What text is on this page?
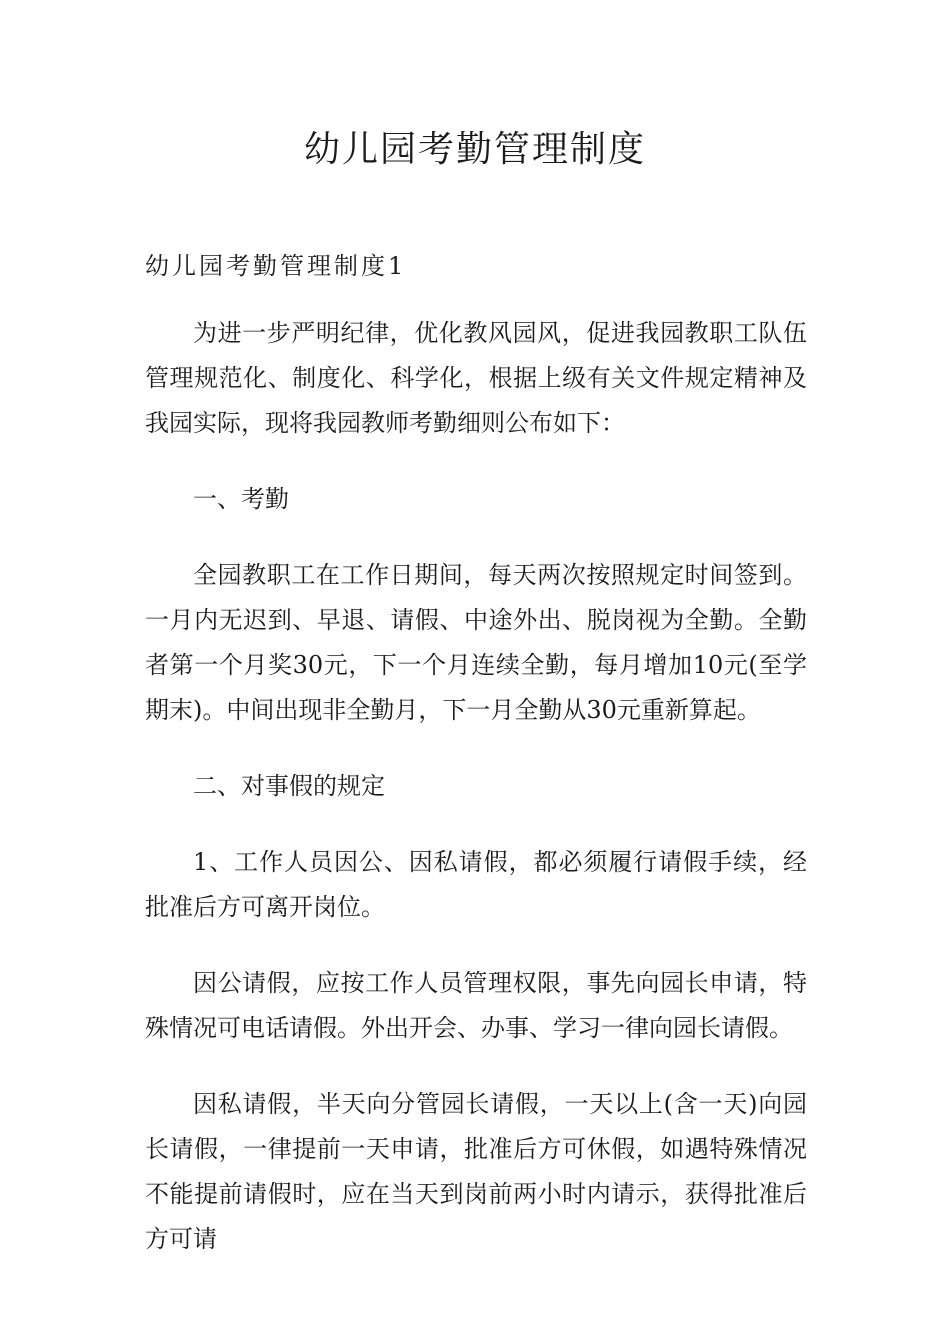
幼儿园考勤管理制度
幼儿园考勤管理制度1

为进一步严明纪律，优化教风园风，促进我园教职工队伍管理规范化、制度化、科学化，根据上级有关文件规定精神及我园实际，现将我园教师考勤细则公布如下：

一、考勤

全园教职工在工作日期间，每天两次按照规定时间签到。一月内无迟到、早退、请假、中途外出、脱岗视为全勤。全勤者第一个月奖30元，下一个月连续全勤，每月增加10元(至学期末)。中间出现非全勤月，下一月全勤从30元重新算起。

二、对事假的规定

1、工作人员因公、因私请假，都必须履行请假手续，经批准后方可离开岗位。

因公请假，应按工作人员管理权限，事先向园长申请，特殊情况可电话请假。外出开会、办事、学习一律向园长请假。

因私请假，半天向分管园长请假，一天以上(含一天)向园长请假，一律提前一天申请，批准后方可休假，如遇特殊情况不能提前请假时，应在当天到岗前两小时内请示，获得批准后方可请
